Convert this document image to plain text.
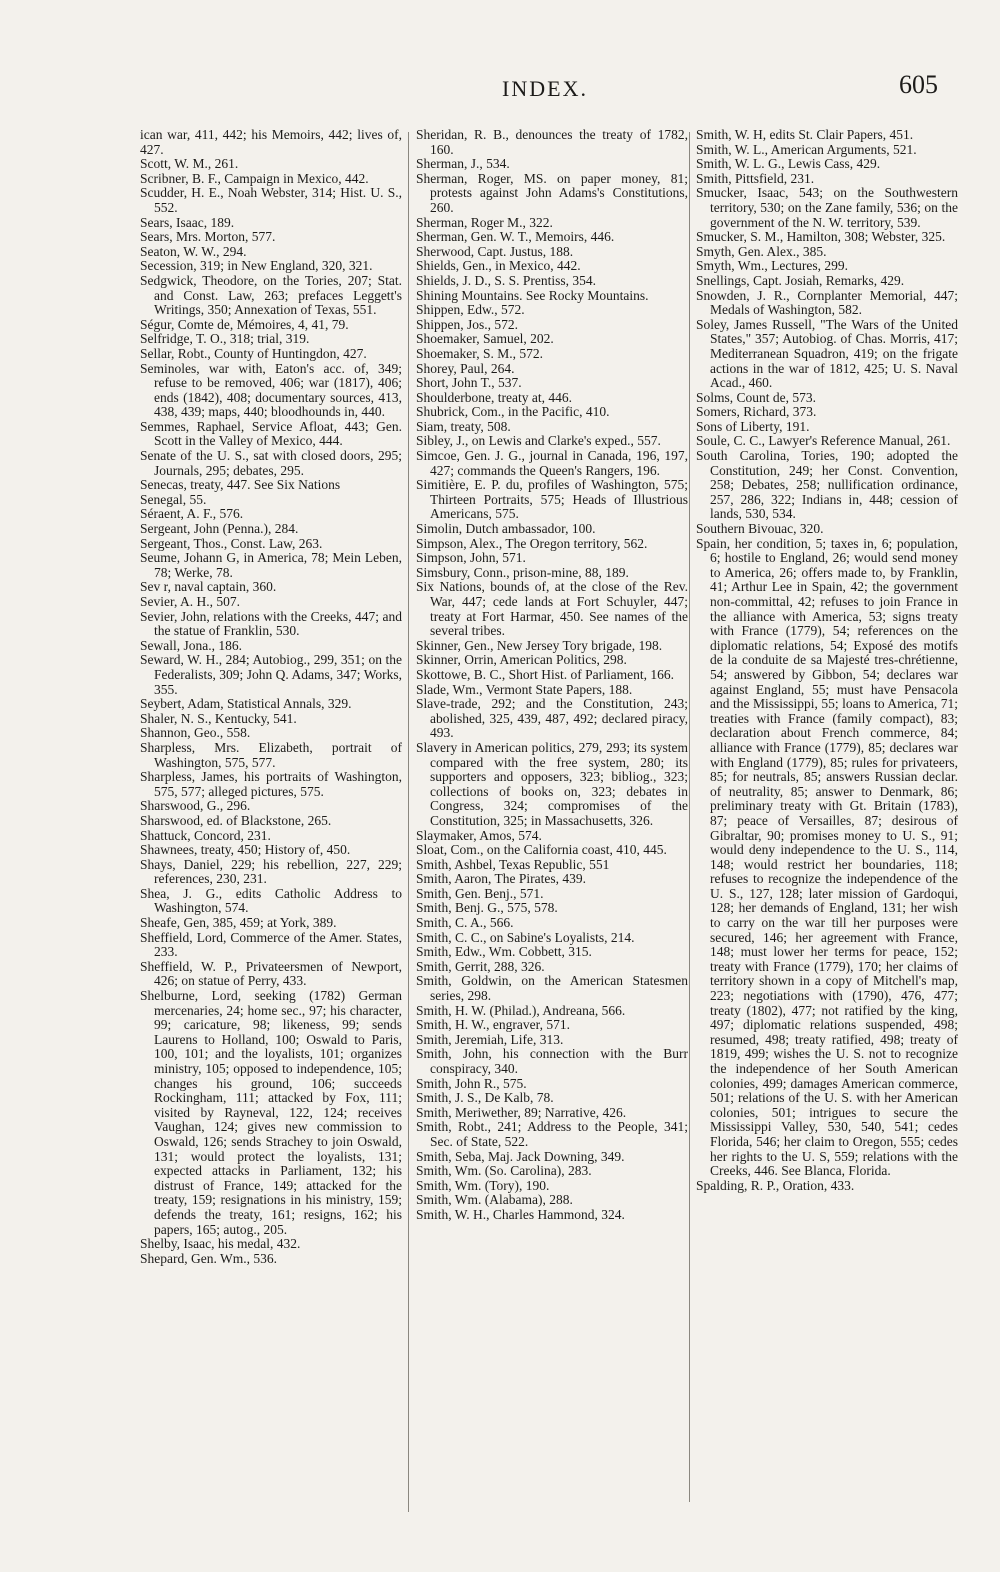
INDEX.	605

ican war, 411, 442; his Memoirs, 442; lives of, 427.

Scott, W. M., 261.

Scribner, B. F., Campaign in Mexico, 442.

Scudder, H. E., Noah Webster, 314; Hist. U. S., 552.

Sears, Isaac, 189.

Sears, Mrs. Morton, 577.

Seaton, W. W., 294.

Secession, 319; in New England, 320, 321.

Sedgwick, Theodore, on the Tories, 207; Stat. and Const. Law, 263; prefaces Leggett's Writings, 350; Annexation of Texas, 551.

Ségur, Comte de, Mémoires, 4, 41, 79.

Selfridge, T. O., 318; trial, 319.

Sellar, Robt., County of Huntingdon, 427.

Seminoles, war with, Eaton's acc. of, 349; refuse to be removed, 406; war (1817), 406; ends (1842), 408; documentary sources, 413, 438, 439; maps, 440; bloodhounds in, 440.

Semmes, Raphael, Service Afloat, 443; Gen. Scott in the Valley of Mexico, 444.

Senate of the U. S., sat with closed doors, 295; Journals, 295; debates, 295.

Senecas, treaty, 447. See Six Nations

Senegal, 55.

Séraent, A. F., 576.

Sergeant, John (Penna.), 284.

Sergeant, Thos., Const. Law, 263.

Seume, Johann G, in America, 78; Mein Leben, 78; Werke, 78.

Sev r, naval captain, 360.

Sevier, A. H., 507.

Sevier, John, relations with the Creeks, 447; and the statue of Franklin, 530.

Sewall, Jona., 186.

Seward, W. H., 284; Autobiog., 299, 351; on the Federalists, 309; John Q. Adams, 347; Works, 355.

Seybert, Adam, Statistical Annals, 329.

Shaler, N. S., Kentucky, 541.

Shannon, Geo., 558.

Sharpless, Mrs. Elizabeth, portrait of Washington, 575, 577.

Sharpless, James, his portraits of Washington, 575, 577; alleged pictures, 575.

Sharswood, G., 296.

Sharswood, ed. of Blackstone, 265.

Shattuck, Concord, 231.

Shawnees, treaty, 450; History of, 450.

Shays, Daniel, 229; his rebellion, 227, 229; references, 230, 231.

Shea, J. G., edits Catholic Address to Washington, 574.

Sheafe, Gen, 385, 459; at York, 389.

Sheffield, Lord, Commerce of the Amer. States, 233.

Sheffield, W. P., Privateersmen of Newport, 426; on statue of Perry, 433.

Shelburne, Lord, seeking (1782) German mercenaries, 24; home sec., 97; his character, 99; caricature, 98; likeness, 99; sends Laurens to Holland, 100; Oswald to Paris, 100, 101; and the loyalists, 101; organizes ministry, 105; opposed to independence, 105; changes his ground, 106; succeeds Rockingham, 111; attacked by Fox, 111; visited by Rayneval, 122, 124; receives Vaughan, 124; gives new commission to Oswald, 126; sends Strachey to join Oswald, 131; would protect the loyalists, 131; expected attacks in Parliament, 132; his distrust of France, 149; attacked for the treaty, 159; resignations in his ministry, 159; defends the treaty, 161; resigns, 162; his papers, 165; autog., 205.

Shelby, Isaac, his medal, 432.

Shepard, Gen. Wm., 536.

Sheridan, R. B., denounces the treaty of 1782, 160.

Sherman, J., 534.

Sherman, Roger, MS. on paper money, 81; protests against John Adams's Constitutions, 260.

Sherman, Roger M., 322.

Sherman, Gen. W. T., Memoirs, 446.

Sherwood, Capt. Justus, 188.

Shields, Gen., in Mexico, 442.

Shields, J. D., S. S. Prentiss, 354.

Shining Mountains. See Rocky Mountains.

Shippen, Edw., 572.

Shippen, Jos., 572.

Shoemaker, Samuel, 202.

Shoemaker, S. M., 572.

Shorey, Paul, 264.

Short, John T., 537.

Shoulderbone, treaty at, 446.

Shubrick, Com., in the Pacific, 410.

Siam, treaty, 508.

Sibley, J., on Lewis and Clarke's exped., 557.

Simcoe, Gen. J. G., journal in Canada, 196, 197, 427; commands the Queen's Rangers, 196.

Simitière, E. P. du, profiles of Washington, 575; Thirteen Portraits, 575; Heads of Illustrious Americans, 575.

Simolin, Dutch ambassador, 100.

Simpson, Alex., The Oregon territory, 562.

Simpson, John, 571.

Simsbury, Conn., prison-mine, 88, 189.

Six Nations, bounds of, at the close of the Rev. War, 447; cede lands at Fort Schuyler, 447; treaty at Fort Harmar, 450. See names of the several tribes.

Skinner, Gen., New Jersey Tory brigade, 198.

Skinner, Orrin, American Politics, 298.

Skottowe, B. C., Short Hist. of Parliament, 166.

Slade, Wm., Vermont State Papers, 188.

Slave-trade, 292; and the Constitution, 243; abolished, 325, 439, 487, 492; declared piracy, 493.

Slavery in American politics, 279, 293; its system compared with the free system, 280; its supporters and opposers, 323; bibliog., 323; collections of books on, 323; debates in Congress, 324; compromises of the Constitution, 325; in Massachusetts, 326.

Slaymaker, Amos, 574.

Sloat, Com., on the California coast, 410, 445.

Smith, Ashbel, Texas Republic, 551

Smith, Aaron, The Pirates, 439.

Smith, Gen. Benj., 571.

Smith, Benj. G., 575, 578.

Smith, C. A., 566.

Smith, C. C., on Sabine's Loyalists, 214.

Smith, Edw., Wm. Cobbett, 315.

Smith, Gerrit, 288, 326.

Smith, Goldwin, on the American Statesmen series, 298.

Smith, H. W. (Philad.), Andreana, 566.

Smith, H. W., engraver, 571.

Smith, Jeremiah, Life, 313.

Smith, John, his connection with the Burr conspiracy, 340.

Smith, John R., 575.

Smith, J. S., De Kalb, 78.

Smith, Meriwether, 89; Narrative, 426.

Smith, Robt., 241; Address to the People, 341; Sec. of State, 522.

Smith, Seba, Maj. Jack Downing, 349.

Smith, Wm. (So. Carolina), 283.

Smith, Wm. (Tory), 190.

Smith, Wm. (Alabama), 288.

Smith, W. H., Charles Hammond, 324.

Smith, W. H, edits St. Clair Papers, 451.

Smith, W. L., American Arguments, 521.

Smith, W. L. G., Lewis Cass, 429.

Smith, Pittsfield, 231.

Smucker, Isaac, 543; on the Southwestern territory, 530; on the Zane family, 536; on the government of the N. W. territory, 539.

Smucker, S. M., Hamilton, 308; Webster, 325.

Smyth, Gen. Alex., 385.

Smyth, Wm., Lectures, 299.

Snellings, Capt. Josiah, Remarks, 429.

Snowden, J. R., Cornplanter Memorial, 447; Medals of Washington, 582.

Soley, James Russell, "The Wars of the United States," 357; Autobiog. of Chas. Morris, 417; Mediterranean Squadron, 419; on the frigate actions in the war of 1812, 425; U. S. Naval Acad., 460.

Solms, Count de, 573.

Somers, Richard, 373.

Sons of Liberty, 191.

Soule, C. C., Lawyer's Reference Manual, 261.

South Carolina, Tories, 190; adopted the Constitution, 249; her Const. Convention, 258; Debates, 258; nullification ordinance, 257, 286, 322; Indians in, 448; cession of lands, 530, 534.

Southern Bivouac, 320.

Spain, her condition, 5; taxes in, 6; population, 6; hostile to England, 26; would send money to America, 26; offers made to, by Franklin, 41; Arthur Lee in Spain, 42; the government non-committal, 42; refuses to join France in the alliance with America, 53; signs treaty with France (1779), 54; references on the diplomatic relations, 54; Exposé des motifs de la conduite de sa Majesté tres-chrétienne, 54; answered by Gibbon, 54; declares war against England, 55; must have Pensacola and the Mississippi, 55; loans to America, 71; treaties with France (family compact), 83; declaration about French commerce, 84; alliance with France (1779), 85; declares war with England (1779), 85; rules for privateers, 85; for neutrals, 85; answers Russian declar. of neutrality, 85; answer to Denmark, 86; preliminary treaty with Gt. Britain (1783), 87; peace of Versailles, 87; desirous of Gibraltar, 90; promises money to U. S., 91; would deny independence to the U. S., 114, 148; would restrict her boundaries, 118; refuses to recognize the independence of the U. S., 127, 128; later mission of Gardoqui, 128; her demands of England, 131; her wish to carry on the war till her purposes were secured, 146; her agreement with France, 148; must lower her terms for peace, 152; treaty with France (1779), 170; her claims of territory shown in a copy of Mitchell's map, 223; negotiations with (1790), 476, 477; treaty (1802), 477; not ratified by the king, 497; diplomatic relations suspended, 498; resumed, 498; treaty ratified, 498; treaty of 1819, 499; wishes the U. S. not to recognize the independence of her South American colonies, 499; damages American commerce, 501; relations of the U. S. with her American colonies, 501; intrigues to secure the Mississippi Valley, 530, 540, 541; cedes Florida, 546; her claim to Oregon, 555; cedes her rights to the U. S, 559; relations with the Creeks, 446. See Blanca, Florida.

Spalding, R. P., Oration, 433.
